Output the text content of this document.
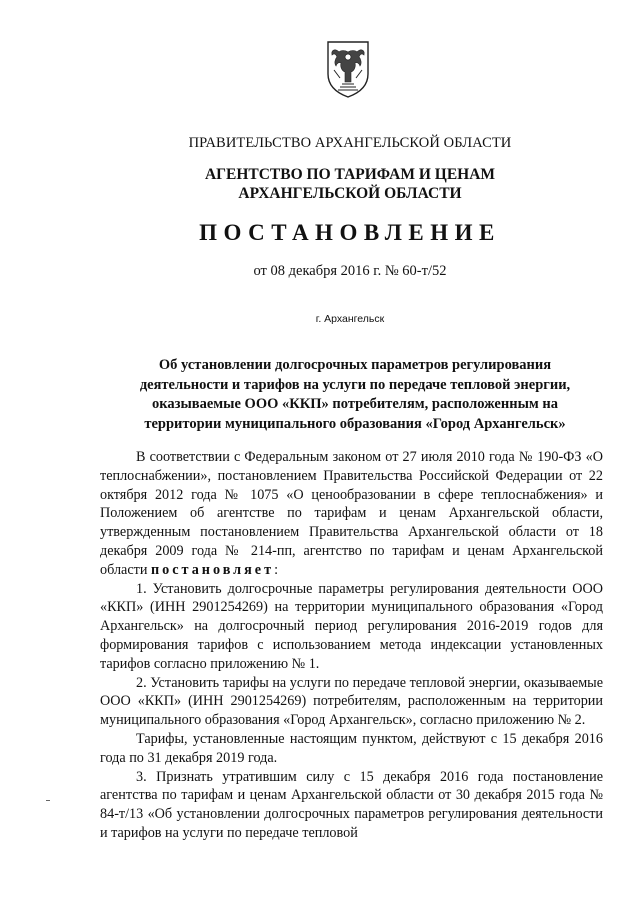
ПРАВИТЕЛЬСТВО АРХАНГЕЛЬСКОЙ ОБЛАСТИ
АГЕНТСТВО ПО ТАРИФАМ И ЦЕНАМ
АРХАНГЕЛЬСКОЙ ОБЛАСТИ
ПОСТАНОВЛЕНИЕ
от 08 декабря 2016 г. № 60-т/52
г. Архангельск
Об установлении долгосрочных параметров регулирования
деятельности и тарифов на услуги по передаче тепловой энергии,
оказываемые ООО «ККП» потребителям, расположенным на
территории муниципального образования «Город Архангельск»

В соответствии с Федеральным законом от 27 июля 2010 года № 190-ФЗ «О теплоснабжении», постановлением Правительства Российской Федерации от 22 октября 2012 года № 1075 «О ценообразовании в сфере теплоснабжения» и Положением об агентстве по тарифам и ценам Архангельской области, утвержденным постановлением Правительства Архангельской области от 18 декабря 2009 года № 214-пп, агентство по тарифам и ценам Архангельской области постановляет:

1. Установить долгосрочные параметры регулирования деятельности ООО «ККП» (ИНН 2901254269) на территории муниципального образования «Город Архангельск» на долгосрочный период регулирования 2016-2019 годов для формирования тарифов с использованием метода индексации установленных тарифов согласно приложению № 1.

2. Установить тарифы на услуги по передаче тепловой энергии, оказываемые ООО «ККП» (ИНН 2901254269) потребителям, расположенным на территории муниципального образования «Город Архангельск», согласно приложению № 2.

Тарифы, установленные настоящим пунктом, действуют с 15 декабря 2016 года по 31 декабря 2019 года.

3. Признать утратившим силу с 15 декабря 2016 года постановление агентства по тарифам и ценам Архангельской области от 30 декабря 2015 года № 84-т/13 «Об установлении долгосрочных параметров регулирования деятельности и тарифов на услуги по передаче тепловой
